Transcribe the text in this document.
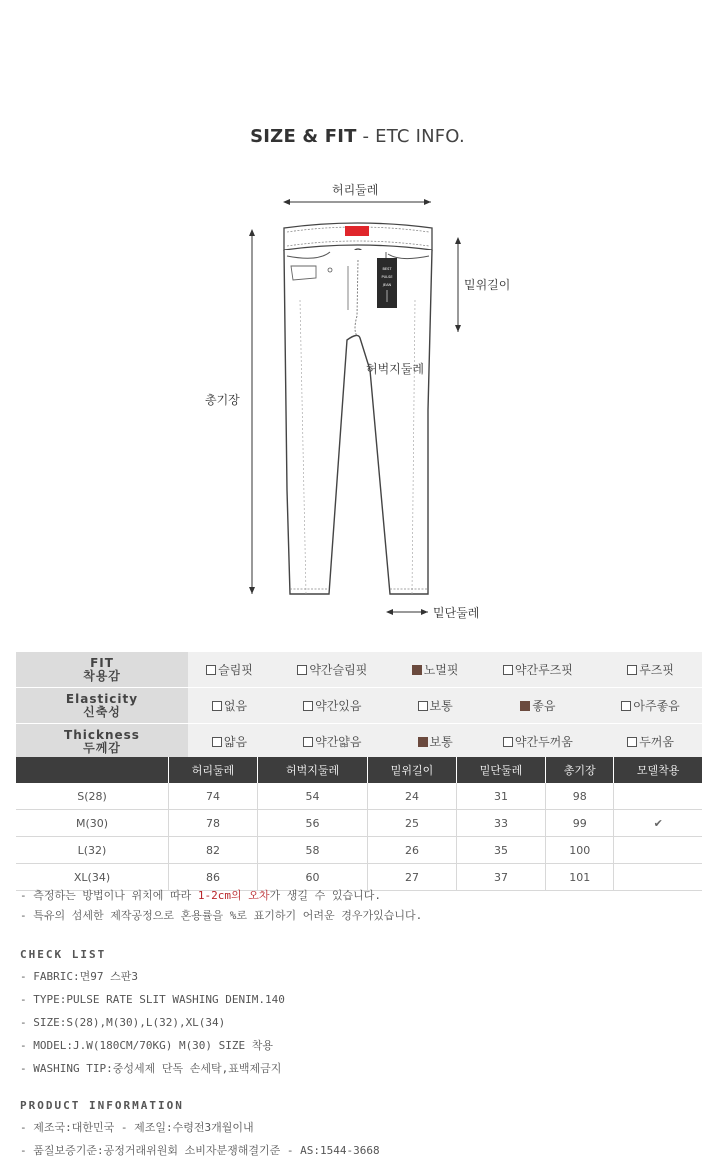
SIZE & FIT - ETC INFO.
BEST
PULSE
JEAN
허리둘레
밑위길이
허벅지둘레
총기장
밑단둘레
FIT
착용감	슬림핏	약간슬림핏	노멀핏	약간루즈핏	루즈핏

Elasticity
신축성	없음	약간있음	보통	좋음	아주좋음

Thickness
두께감	얇음	약간얇음	보통	약간두꺼움	두꺼움
	허리둘레	허벅지둘레	밑위길이	밑단둘레	총기장	모델착용
S(28)	74	54	24	31	98	
M(30)	78	56	25	33	99	✔
L(32)	82	58	26	35	100	
XL(34)	86	60	27	37	101	
- 측정하는 방법이나 위치에 따라 1-2cm의 오차가 생길 수 있습니다.
- 특유의 섬세한 제작공정으로 혼용률을 %로 표기하기 어려운 경우가있습니다.
CHECK LIST
- FABRIC:면97 스판3
- TYPE:PULSE RATE SLIT WASHING DENIM.140
- SIZE:S(28),M(30),L(32),XL(34)
- MODEL:J.W(180CM/70KG) M(30) SIZE 착용
- WASHING TIP:중성세제 단독 손세탁,표백제금지
PRODUCT INFORMATION
- 제조국:대한민국 - 제조일:수령전3개월이내
- 품질보증기준:공정거래위원회 소비자분쟁해결기준 - AS:1544-3668
